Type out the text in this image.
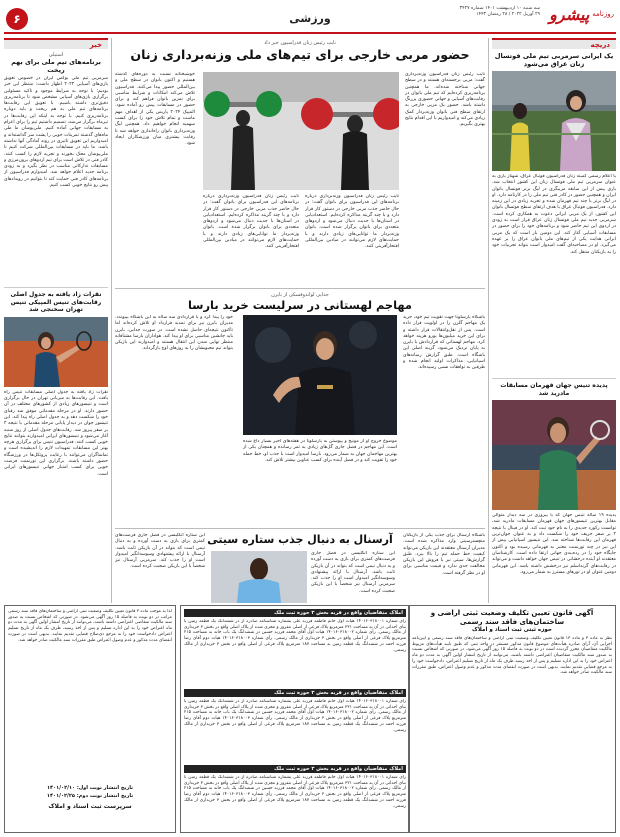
۶	ورزشی
سه شنبه ۱۰ اردیبهشت ۱۴۰۱ شماره ۳۴۲۷
۲۹ آوریل ۲۰۲۲ / ۲۸ رمضان ۱۴۴۳	روزنامه
پیشرو
دریچه
یک ایرانی سرمربی تیم ملی فوتسال زنان عراق می‌شود
با اعلام رسمی کمیته زنان فدراسیون فوتبال عراق، شهناز یاری به عنوان سرمربی تیم ملی فوتسال زنان این کشور انتخاب شد. یاری پیش از این سابقه مربیگری در لیگ برتر فوتسال بانوان ایران و همچنین حضور در کادر فنی تیم ملی را در کارنامه دارد. او در لیگ برتر با چند تیم قهرمان شده و تجربه زیادی در این زمینه دارد. فدراسیون فوتبال عراق با هدف ارتقای سطح فوتسال بانوان این کشور، از یک مربی ایرانی دعوت به همکاری کرده است. سرمربی جدید تیم ملی فوتسال زنان عراق قرار است به زودی در اردوی این تیم حاضر شود و برنامه‌های خود را برای حضور در مسابقات آسیایی آغاز کند. این دومین بار است که یک مربی ایرانی هدایت یکی از تیم‌های ملی بانوان عراق را بر عهده می‌گیرد. او در مصاحبه‌ای گفت امیدوار است بتواند تجربیات خود را به بازیکنان منتقل کند.
پدیده تنیس جهان قهرمان مسابقات مادرید شد
پدیده ۱۹ ساله تنیس جهان که با پیروزی در سه دیدار متوالی مقابل بهترین تنیسورهای جهان قهرمان مسابقات مادرید شد، توانست رکورد جدیدی را به نام خود ثبت کند. او در فینال با نتیجه ۲ بر صفر حریف خود را شکست داد و به عنوان جوان‌ترین قهرمان این رقابت‌ها شناخته شد. این تنیسور اسپانیایی پیش از این نیز در چند تورنمنت معتبر به قهرمانی رسیده بود و اکنون جایگاه خود را در رده‌بندی جهانی ارتقا داده است. کارشناسان معتقدند او آینده درخشانی در تنیس جهان خواهد داشت و می‌تواند در رقابت‌های گرنداسلم نیز درخشش داشته باشد. این قهرمانی دومین عنوان او در تورهای مسترز به شمار می‌رود.
خبر
استیلی
برنامه‌های تیم ملی برای بهم ریخت
سرمربی تیم ملی بوکس ایران در خصوص تعویق بازی‌های آسیایی ۲۰۲۲ اظهار داشت: منتظر این خبر بودیم؛ با توجه به شرایط موجود و تاکید مسئولین برگزاری بازی‌های آسیایی مشخص شود تا برنامه‌ریزی دقیق‌تری داشته باشیم. با تعویق این رقابت‌ها برنامه‌های تیم ملی به هم ریخت و باید دوباره برنامه‌ریزی کنیم. با توجه به اینکه این رقابت‌ها در تیرماه برگزار می‌شد، تصمیم داشتیم تیم را برای اعزام به مسابقات جهانی آماده کنیم. ملی‌پوشان ما طی ماه‌های گذشته تمرینات خوبی را پشت سر گذاشته‌اند و امیدواریم این تعویق تاثیری در روند آمادگی آنها نداشته باشد. ما باید در مسابقات بین‌المللی شرکت کنیم تا ملی‌پوشان محک بخورند و تجربه لازم را کسب کنند. کادر فنی در تلاش است برای تیم اردوهای برون‌مرزی و مسابقات تدارکاتی مناسب در نظر بگیرد و به زودی برنامه جدید اعلام خواهد شد. امیدوارم فدراسیون از برنامه‌های کادر فنی حمایت کند تا بتوانیم در رویدادهای پیش رو نتایج خوبی کسب کنیم.
نقرات زاد یافته به جدول اصلی رقابت‌های تنیس المپیکی تنیس تهران سخنجی شد
نقرات زاد یافته به جدول اصلی مسابقات تنیس راه یافت. این رقابت‌ها به میزبانی تهران در حال برگزاری است و تنیسورهای زیادی از کشورهای مختلف در آن حضور دارند. او در مرحله مقدماتی موفق شد رقبای خود را شکست دهد و به جدول اصلی راه پیدا کند. این تنیسور جوان در دیدار پایانی مرحله مقدماتی با نتیجه ۲ بر صفر پیروز شد. رقابت‌های جدول اصلی از روز شنبه آغاز می‌شود و تنیسورهای ایرانی امیدوارند بتوانند نتایج خوبی کسب کنند. فدراسیون تنیس برای برگزاری هرچه بهتر این مسابقات تمهیدات لازم را اندیشیده است و تماشاگران می‌توانند با رعایت پروتکل‌ها در ورزشگاه حضور داشته باشند. برگزاری این تورنمنت فرصت خوبی برای کسب امتیاز جهانی تنیسورهای ایرانی است.
نایب رئیس زنان فدراسیون خبر داد
حضور مربی خارجی برای تیم‌های ملی وزنه‌برداری زنان
نایب رئیس زنان فدراسیون وزنه‌برداری گفت: مربی برجسته‌ای هستند و در سطح جهانی شناخته شده‌اند. ما همچنین برنامه‌ریزی کرده‌ایم که تیم ملی بانوان در رقابت‌های آسیایی و جهانی حضوری پررنگ داشته باشد. حضور یک مربی خارجی به ارتقای سطح فنی بانوان وزنه‌بردار کمک زیادی می‌کند و امیدواریم با این اقدام نتایج بهتری بگیریم.
نایب رئیس زنان فدراسیون وزنه‌برداری درباره برنامه‌های این فدراسیون برای بانوان گفت: در حال حاضر جذب مربی خارجی در دستور کار قرار دارد و با چند گزینه مذاکره کرده‌ایم. استعدادیابی در استان‌ها با جدیت دنبال می‌شود و اردوهای متعددی برای بانوان برگزار شده است. بانوان وزنه‌بردار ما توانایی‌های زیادی دارند و با حمایت‌های لازم می‌توانند در میادین بین‌المللی افتخارآفرینی کنند.
نایب رئیس زنان فدراسیون وزنه‌برداری درباره برنامه‌های این فدراسیون برای بانوان گفت: در حال حاضر جذب مربی خارجی در دستور کار قرار دارد و با چند گزینه مذاکره کرده‌ایم. استعدادیابی در استان‌ها با جدیت دنبال می‌شود و اردوهای متعددی برای بانوان برگزار شده است. بانوان وزنه‌بردار ما توانایی‌های زیادی دارند و با حمایت‌های لازم می‌توانند در میادین بین‌المللی افتخارآفرینی کنند.
خوشبختانه نسبت به دوره‌های گذشته هستیم و اکنون بانوان در سطح ملی و بین‌المللی حضور پیدا می‌کنند. فدراسیون تلاش می‌کند امکانات و شرایط مناسبی برای تمرین بانوان فراهم کند و برای حضور در مسابقات پیش رو آماده شود. المپیک ۲۰۲۴ پاریس یکی از اهداف مهم ماست و تمام تلاش خود را برای کسب سهمیه انجام خواهیم داد. همچنین لیگ وزنه‌برداری بانوان راه‌اندازی خواهد شد تا رقابت بیشتری میان ورزشکاران ایجاد شود.
جدایی لواندوفسکی از بایرن
مهاجم لهستانی در سرلیست خرید بارسا
باشگاه بارسلونا جهت تقویت تیم خود، خرید یک مهاجم گلزن را در اولویت قرار داده است. پس از نقل‌وانتقالات قرار داشته و برای این خرید میلیون‌ها یورو هزینه خواهد کرد. مهاجم لهستانی که قراردادش با بایرن به پایان نزدیک می‌شود، گزینه اصلی این باشگاه است. طبق گزارش رسانه‌های اسپانیایی، مذاکرات اولیه انجام شده و طرفین به توافقات نسبی رسیده‌اند.
موضوع خروج او از مونیخ و پیوستن به بارسلونا در هفته‌های اخیر بسیار داغ شده است. این مهاجم در فصل جاری گل‌های زیادی به ثمر رسانده و همچنان یکی از بهترین مهاجمان جهان به شمار می‌رود. بارسا امیدوار است با جذب او، خط حمله خود را تقویت کند و در فصل آینده برای کسب عناوین بیشتر تلاش کند.
خود را پیدا کرد و با قراردادی سه ساله به این باشگاه بپیوندد. مدیران بایرن نیز برای تمدید قرارداد او تلاش کرده‌اند اما تاکنون نتیجه‌ای حاصل نشده است. در صورت جدایی، بایرن باید جانشین مناسبی برای او پیدا کند. هواداران بارسا مشتاقانه منتظر نهایی شدن این انتقال هستند و امیدوارند این بازیکن بتواند تیم محبوبشان را به روزهای اوج بازگرداند.
آرسنال به دنبال جذب ستاره سیتی	باشگاه آرسنال برای جذب یکی از بازیکنان منچسترسیتی وارد مذاکره شده است. مدیران آرسنال معتقدند این بازیکن می‌تواند کیفیت خط حمله تیم را بالا ببرد. طبق گزارش‌ها، سیتی نیز با فروش این بازیکن مخالفت جدی ندارد و قیمت مناسبی برای او در نظر گرفته است.
این ستاره انگلیسی در فصل جاری فرصت‌های کمتری برای بازی به دست آورده و به دنبال تیمی است که بتواند در آن بازیکن ثابت باشد. آرسنال با ارائه پیشنهادی وسوسه‌انگیز امیدوار است او را جذب کند. سرمربی آرسنال نیز شخصاً با این بازیکن صحبت کرده است.
این ستاره انگلیسی در فصل جاری فرصت‌های کمتری برای بازی به دست آورده و به دنبال تیمی است که بتواند در آن بازیکن ثابت باشد. آرسنال با ارائه پیشنهادی وسوسه‌انگیز امیدوار است او را جذب کند. سرمربی آرسنال نیز شخصاً با این بازیکن صحبت کرده است.
آگهی قانون تعیین تکلیف وضعیت ثبتی اراضی و ساختمان‌های فاقد سند رسمی
حوزه ثبتی ثبت اسناد و املاک
نظر به ماده ۳ و ماده ۱۳ قانون تعیین تکلیف وضعیت ثبتی اراضی و ساختمان‌های فاقد سند رسمی و آیین‌نامه اجرایی آن، آرای صادره هیأت‌های موضوع قانون مذکور مستقر در واحد ثبتی که طبق تایید هیأت‌های مربوط مالکیت متقاضیان محرز گردیده است در دو نوبت به فاصله ۱۵ روز آگهی می‌شود. در صورتی که اشخاص نسبت به صدور سند مالکیت متقاضیان اعتراضی داشته باشند، می‌توانند از تاریخ انتشار اولین آگهی به مدت دو ماه اعتراض خود را به این اداره تسلیم و پس از اخذ رسید ظرف یک ماه از تاریخ تسلیم اعتراض، دادخواست خود را به مرجع قضایی تقدیم نمایند. بدیهی است در صورت انقضای مدت مذکور و عدم وصول اعتراض، طبق مقررات سند مالکیت صادر خواهد شد.
املاک متقاضیان واقع در قریه بخش ۳ حوزه ثبت ملک
رأی شماره ۱۴۰۱۶۰۳۱۸۰۰۱ هیات اول خانم فاطمه فرزند علی بشماره شناسنامه صادره از در ششدانگ یک قطعه زمین با بنای احداثی در آن به مساحت ۳۲۱ مترمربع پلاک فرعی از اصلی مفروز و مجزی شده از پلاک اصلی واقع در بخش ۳ خریداری از مالک رسمی. رأی شماره ۱۴۰۱۶۰۳۱۸۰۰۲ هیات اول آقای محمد فرزند حسین در ششدانگ یک باب خانه به مساحت ۲۱۵ مترمربع پلاک فرعی از اصلی واقع در بخش ۳ خریداری از مالک رسمی. رأی شماره ۱۴۰۱۶۰۳۱۸۰۰۳ هیات دوم آقای رضا فرزند احمد در ششدانگ یک قطعه زمین به مساحت ۱۸۷ مترمربع پلاک فرعی از اصلی واقع در بخش ۳ خریداری از مالک رسمی.
املاک متقاضیان واقع در قریه بخش ۳ حوزه ثبت ملک
رأی شماره ۱۴۰۱۶۰۳۱۸۰۰۱ هیات اول خانم فاطمه فرزند علی بشماره شناسنامه صادره از در ششدانگ یک قطعه زمین با بنای احداثی در آن به مساحت ۳۲۱ مترمربع پلاک فرعی از اصلی مفروز و مجزی شده از پلاک اصلی واقع در بخش ۳ خریداری از مالک رسمی. رأی شماره ۱۴۰۱۶۰۳۱۸۰۰۲ هیات اول آقای محمد فرزند حسین در ششدانگ یک باب خانه به مساحت ۲۱۵ مترمربع پلاک فرعی از اصلی واقع در بخش ۳ خریداری از مالک رسمی. رأی شماره ۱۴۰۱۶۰۳۱۸۰۰۳ هیات دوم آقای رضا فرزند احمد در ششدانگ یک قطعه زمین به مساحت ۱۸۷ مترمربع پلاک فرعی از اصلی واقع در بخش ۳ خریداری از مالک رسمی.
املاک متقاضیان واقع در قریه بخش ۳ حوزه ثبت ملک
رأی شماره ۱۴۰۱۶۰۳۱۸۰۰۱ هیات اول خانم فاطمه فرزند علی بشماره شناسنامه صادره از در ششدانگ یک قطعه زمین با بنای احداثی در آن به مساحت ۳۲۱ مترمربع پلاک فرعی از اصلی مفروز و مجزی شده از پلاک اصلی واقع در بخش ۳ خریداری از مالک رسمی. رأی شماره ۱۴۰۱۶۰۳۱۸۰۰۲ هیات اول آقای محمد فرزند حسین در ششدانگ یک باب خانه به مساحت ۲۱۵ مترمربع پلاک فرعی از اصلی واقع در بخش ۳ خریداری از مالک رسمی. رأی شماره ۱۴۰۱۶۰۳۱۸۰۰۳ هیات دوم آقای رضا فرزند احمد در ششدانگ یک قطعه زمین به مساحت ۱۸۷ مترمربع پلاک فرعی از اصلی واقع در بخش ۳ خریداری از مالک رسمی.
لذا به موجب ماده ۳ قانون تعیین تکلیف وضعیت ثبتی اراضی و ساختمان‌های فاقد سند رسمی مراتب در دو نوبت به فاصله ۱۵ روز آگهی می‌شود. در صورتی که اشخاص نسبت به صدور سند مالکیت متقاضی اعتراضی داشته باشند، می‌توانند از تاریخ انتشار اولین آگهی به مدت دو ماه اعتراض خود را به این اداره تسلیم و پس از اخذ رسید، ظرف یک ماه از تاریخ تسلیم اعتراض دادخواست خود را به مرجع ذی‌صلاح قضایی تقدیم نمایند. بدیهی است در صورت انقضای مدت مذکور و عدم وصول اعتراض طبق مقررات سند مالکیت صادر خواهد شد.
تاریخ انتشار نوبت اول: ۱۴۰۱/۰۲/۱۰
تاریخ انتشار نوبت دوم: ۱۴۰۱/۰۲/۲۵
سرپرست ثبت اسناد و املاک
